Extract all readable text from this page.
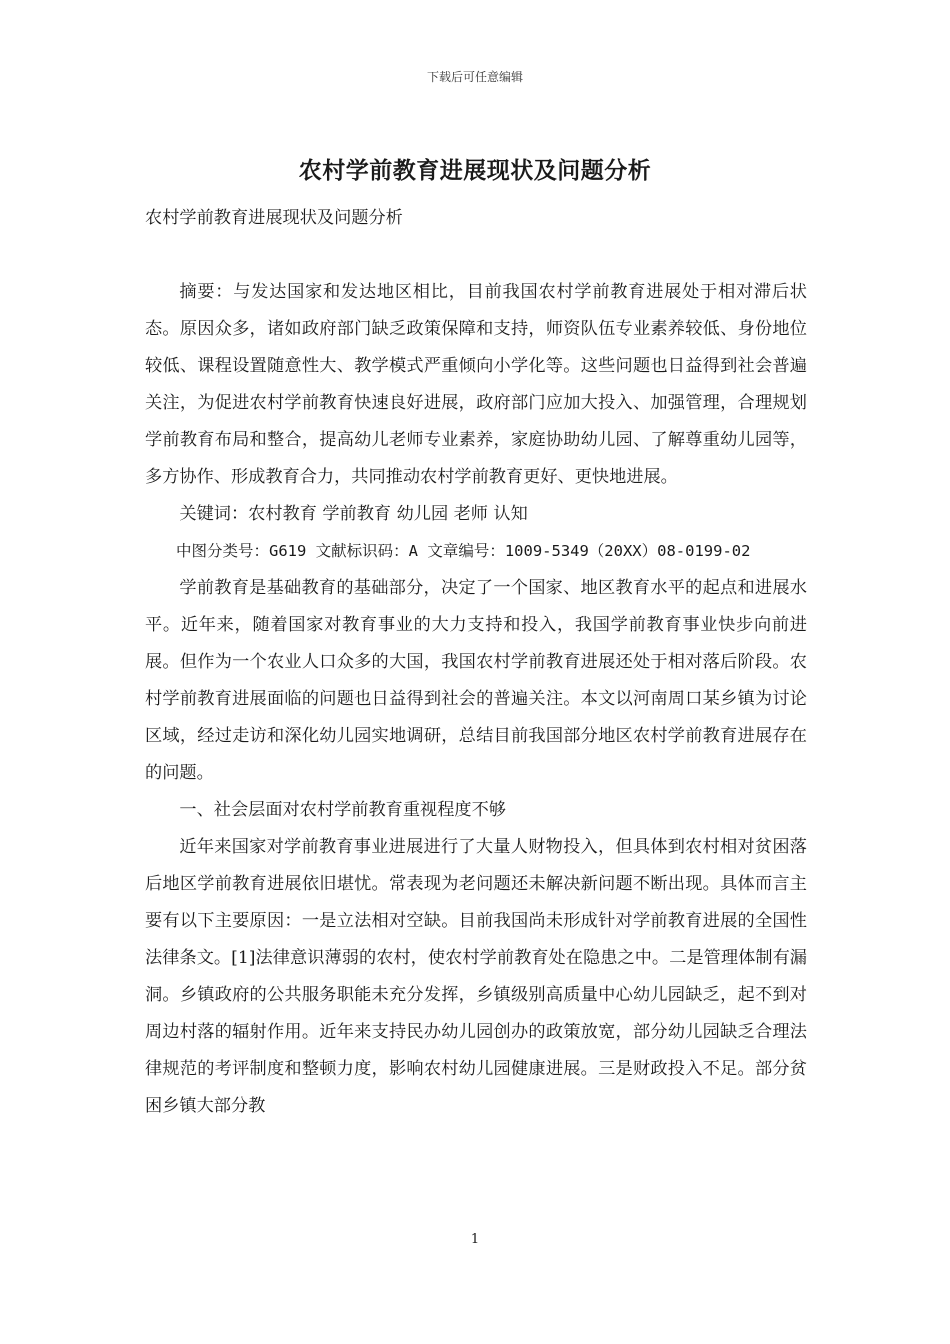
下载后可任意编辑
农村学前教育进展现状及问题分析

农村学前教育进展现状及问题分析

摘要：与发达国家和发达地区相比，目前我国农村学前教育进展处于相对滞后状态。原因众多，诸如政府部门缺乏政策保障和支持，师资队伍专业素养较低、身份地位较低、课程设置随意性大、教学模式严重倾向小学化等。这些问题也日益得到社会普遍关注，为促进农村学前教育快速良好进展，政府部门应加大投入、加强管理，合理规划学前教育布局和整合，提高幼儿老师专业素养，家庭协助幼儿园、了解尊重幼儿园等，多方协作、形成教育合力，共同推动农村学前教育更好、更快地进展。

关键词：农村教育 学前教育 幼儿园 老师 认知

中图分类号：G619 文献标识码：A 文章编号：1009-5349（20XX）08-0199-02

学前教育是基础教育的基础部分，决定了一个国家、地区教育水平的起点和进展水平。近年来，随着国家对教育事业的大力支持和投入，我国学前教育事业快步向前进展。但作为一个农业人口众多的大国，我国农村学前教育进展还处于相对落后阶段。农村学前教育进展面临的问题也日益得到社会的普遍关注。本文以河南周口某乡镇为讨论区域，经过走访和深化幼儿园实地调研，总结目前我国部分地区农村学前教育进展存在的问题。

一、社会层面对农村学前教育重视程度不够

近年来国家对学前教育事业进展进行了大量人财物投入，但具体到农村相对贫困落后地区学前教育进展依旧堪忧。常表现为老问题还未解决新问题不断出现。具体而言主要有以下主要原因：一是立法相对空缺。目前我国尚未形成针对学前教育进展的全国性法律条文。[1]法律意识薄弱的农村，使农村学前教育处在隐患之中。二是管理体制有漏洞。乡镇政府的公共服务职能未充分发挥，乡镇级别高质量中心幼儿园缺乏，起不到对周边村落的辐射作用。近年来支持民办幼儿园创办的政策放宽，部分幼儿园缺乏合理法律规范的考评制度和整顿力度，影响农村幼儿园健康进展。三是财政投入不足。部分贫困乡镇大部分教

1
